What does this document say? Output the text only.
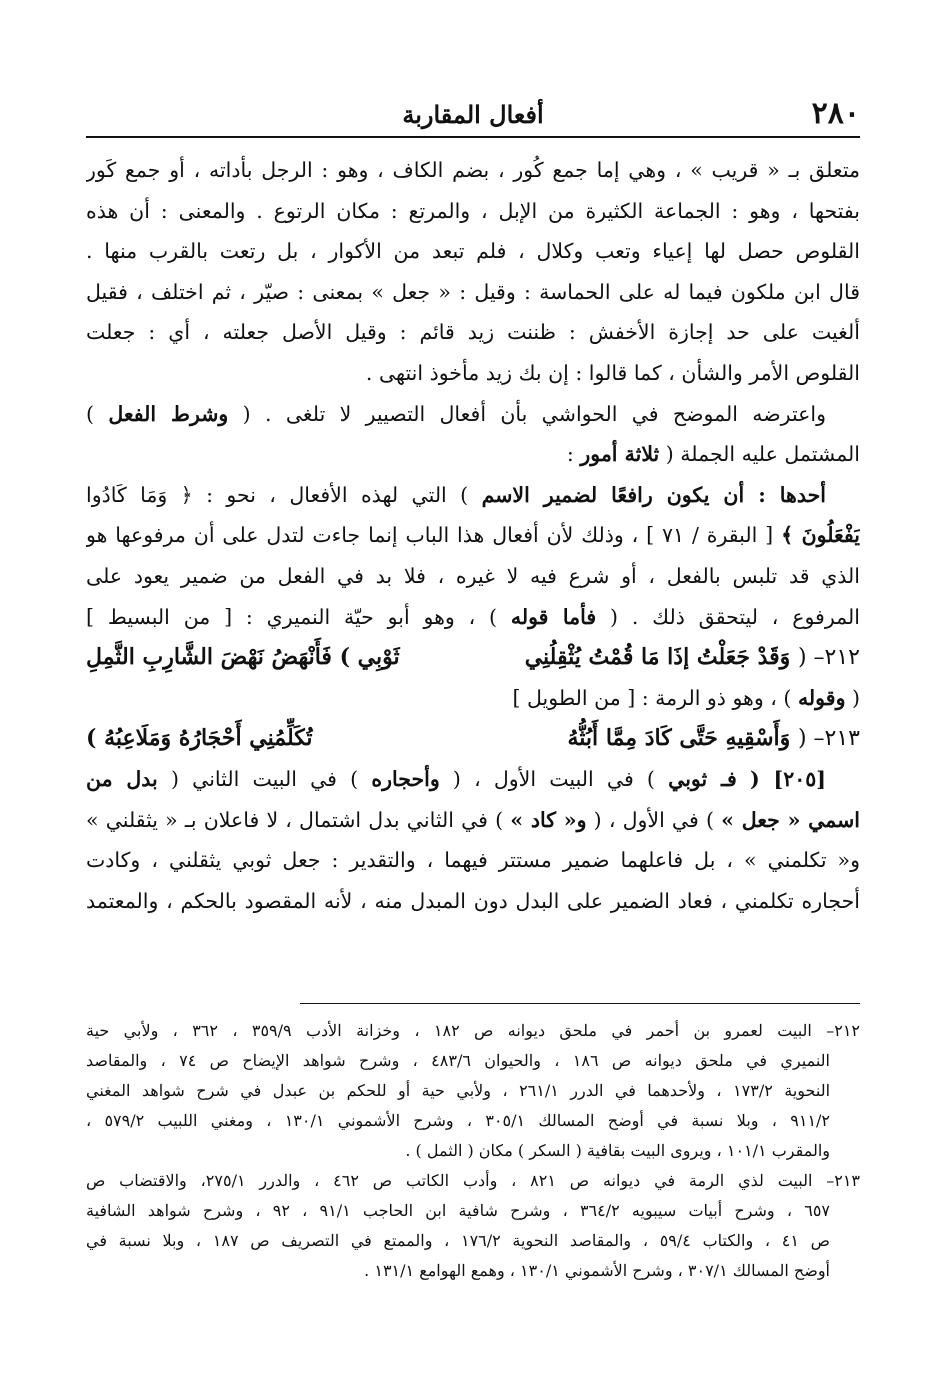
٢٨٠
أفعال المقاربة
متعلق بـ « قريب » ، وهي إما جمع كُور ، بضم الكاف ، وهو : الرجل بأداته ، أو جمع كَور
بفتحها ، وهو : الجماعة الكثيرة من الإبل ، والمرتع : مكان الرتوع . والمعنى : أن هذه
القلوص حصل لها إعياء وتعب وكلال ، فلم تبعد من الأكوار ، بل رتعت بالقرب منها .
قال ابن ملكون فيما له على الحماسة : وقيل : « جعل » بمعنى : صيّر ، ثم اختلف ، فقيل
ألغيت على حد إجازة الأخفش : ظننت زيد قائم : وقيل الأصل جعلته ، أي : جعلت
القلوص الأمر والشأن ، كما قالوا : إن بك زيد مأخوذ انتهى .
واعترضه الموضح في الحواشي بأن أفعال التصيير لا تلغى . ( وشرط الفعل )
المشتمل عليه الجملة ( ثلاثة أمور :
أحدها : أن يكون رافعًا لضمير الاسم ) التي لهذه الأفعال ، نحو : ﴿ وَمَا كَادُوا
يَفْعَلُونَ ﴾ [ البقرة / ٧١ ] ، وذلك لأن أفعال هذا الباب إنما جاءت لتدل على أن مرفوعها هو
الذي قد تلبس بالفعل ، أو شرع فيه لا غيره ، فلا بد في الفعل من ضمير يعود على
المرفوع ، ليتحقق ذلك . ( فأما قوله ) ، وهو أبو حيّة النميري : [ من البسيط ]
٢١٢– ( وَقَدْ جَعَلْتُ إذَا مَا قُمْتُ يُثْقِلُنِي
ثَوْبِي ) فَأَنْهَضُ نَهْضَ الشَّارِبِ الثَّمِلِ
( وقوله ) ، وهو ذو الرمة : [ من الطويل ]
٢١٣– ( وَأَسْقِيهِ حَتَّى كَادَ مِمَّا أَبُثُّهُ
تُكَلِّمُنِي أَحْجَارُهُ وَمَلَاعِبُهُ )
[٢٠٥] ( فـ ثوبي ) في البيت الأول ، ( وأحجاره ) في البيت الثاني ( بدل من
اسمي « جعل » ) في الأول ، ( و« كاد » ) في الثاني بدل اشتمال ، لا فاعلان بـ « يثقلني »
و« تكلمني » ، بل فاعلهما ضمير مستتر فيهما ، والتقدير : جعل ثوبي يثقلني ، وكادت
أحجاره تكلمني ، فعاد الضمير على البدل دون المبدل منه ، لأنه المقصود بالحكم ، والمعتمد
٢١٢– البيت لعمرو بن أحمر في ملحق ديوانه ص ١٨٢ ، وخزانة الأدب ٣٥٩/٩ ، ٣٦٢ ، ولأبي حية
النميري في ملحق ديوانه ص ١٨٦ ، والحيوان ٤٨٣/٦ ، وشرح شواهد الإيضاح ص ٧٤ ، والمقاصد
النحوية ١٧٣/٢ ، ولأحدهما في الدرر ٢٦١/١ ، ولأبي حية أو للحكم بن عبدل في شرح شواهد المغني
٩١١/٢ ، وبلا نسبة في أوضح المسالك ٣٠٥/١ ، وشرح الأشموني ١٣٠/١ ، ومغني اللبيب ٥٧٩/٢ ،
والمقرب ١٠١/١ ، ويروى البيت بقافية ( السكر ) مكان ( الثمل ) .
٢١٣– البيت لذي الرمة في ديوانه ص ٨٢١ ، وأدب الكاتب ص ٤٦٢ ، والدرر ٢٧٥/١، والاقتضاب ص
٦٥٧ ، وشرح أبيات سيبويه ٣٦٤/٢ ، وشرح شافية ابن الحاجب ٩١/١ ، ٩٢ ، وشرح شواهد الشافية
ص ٤١ ، والكتاب ٥٩/٤ ، والمقاصد النحوية ١٧٦/٢ ، والممتع في التصريف ص ١٨٧ ، وبلا نسبة في
أوضح المسالك ٣٠٧/١ ، وشرح الأشموني ١٣٠/١ ، وهمع الهوامع ١٣١/١ .
